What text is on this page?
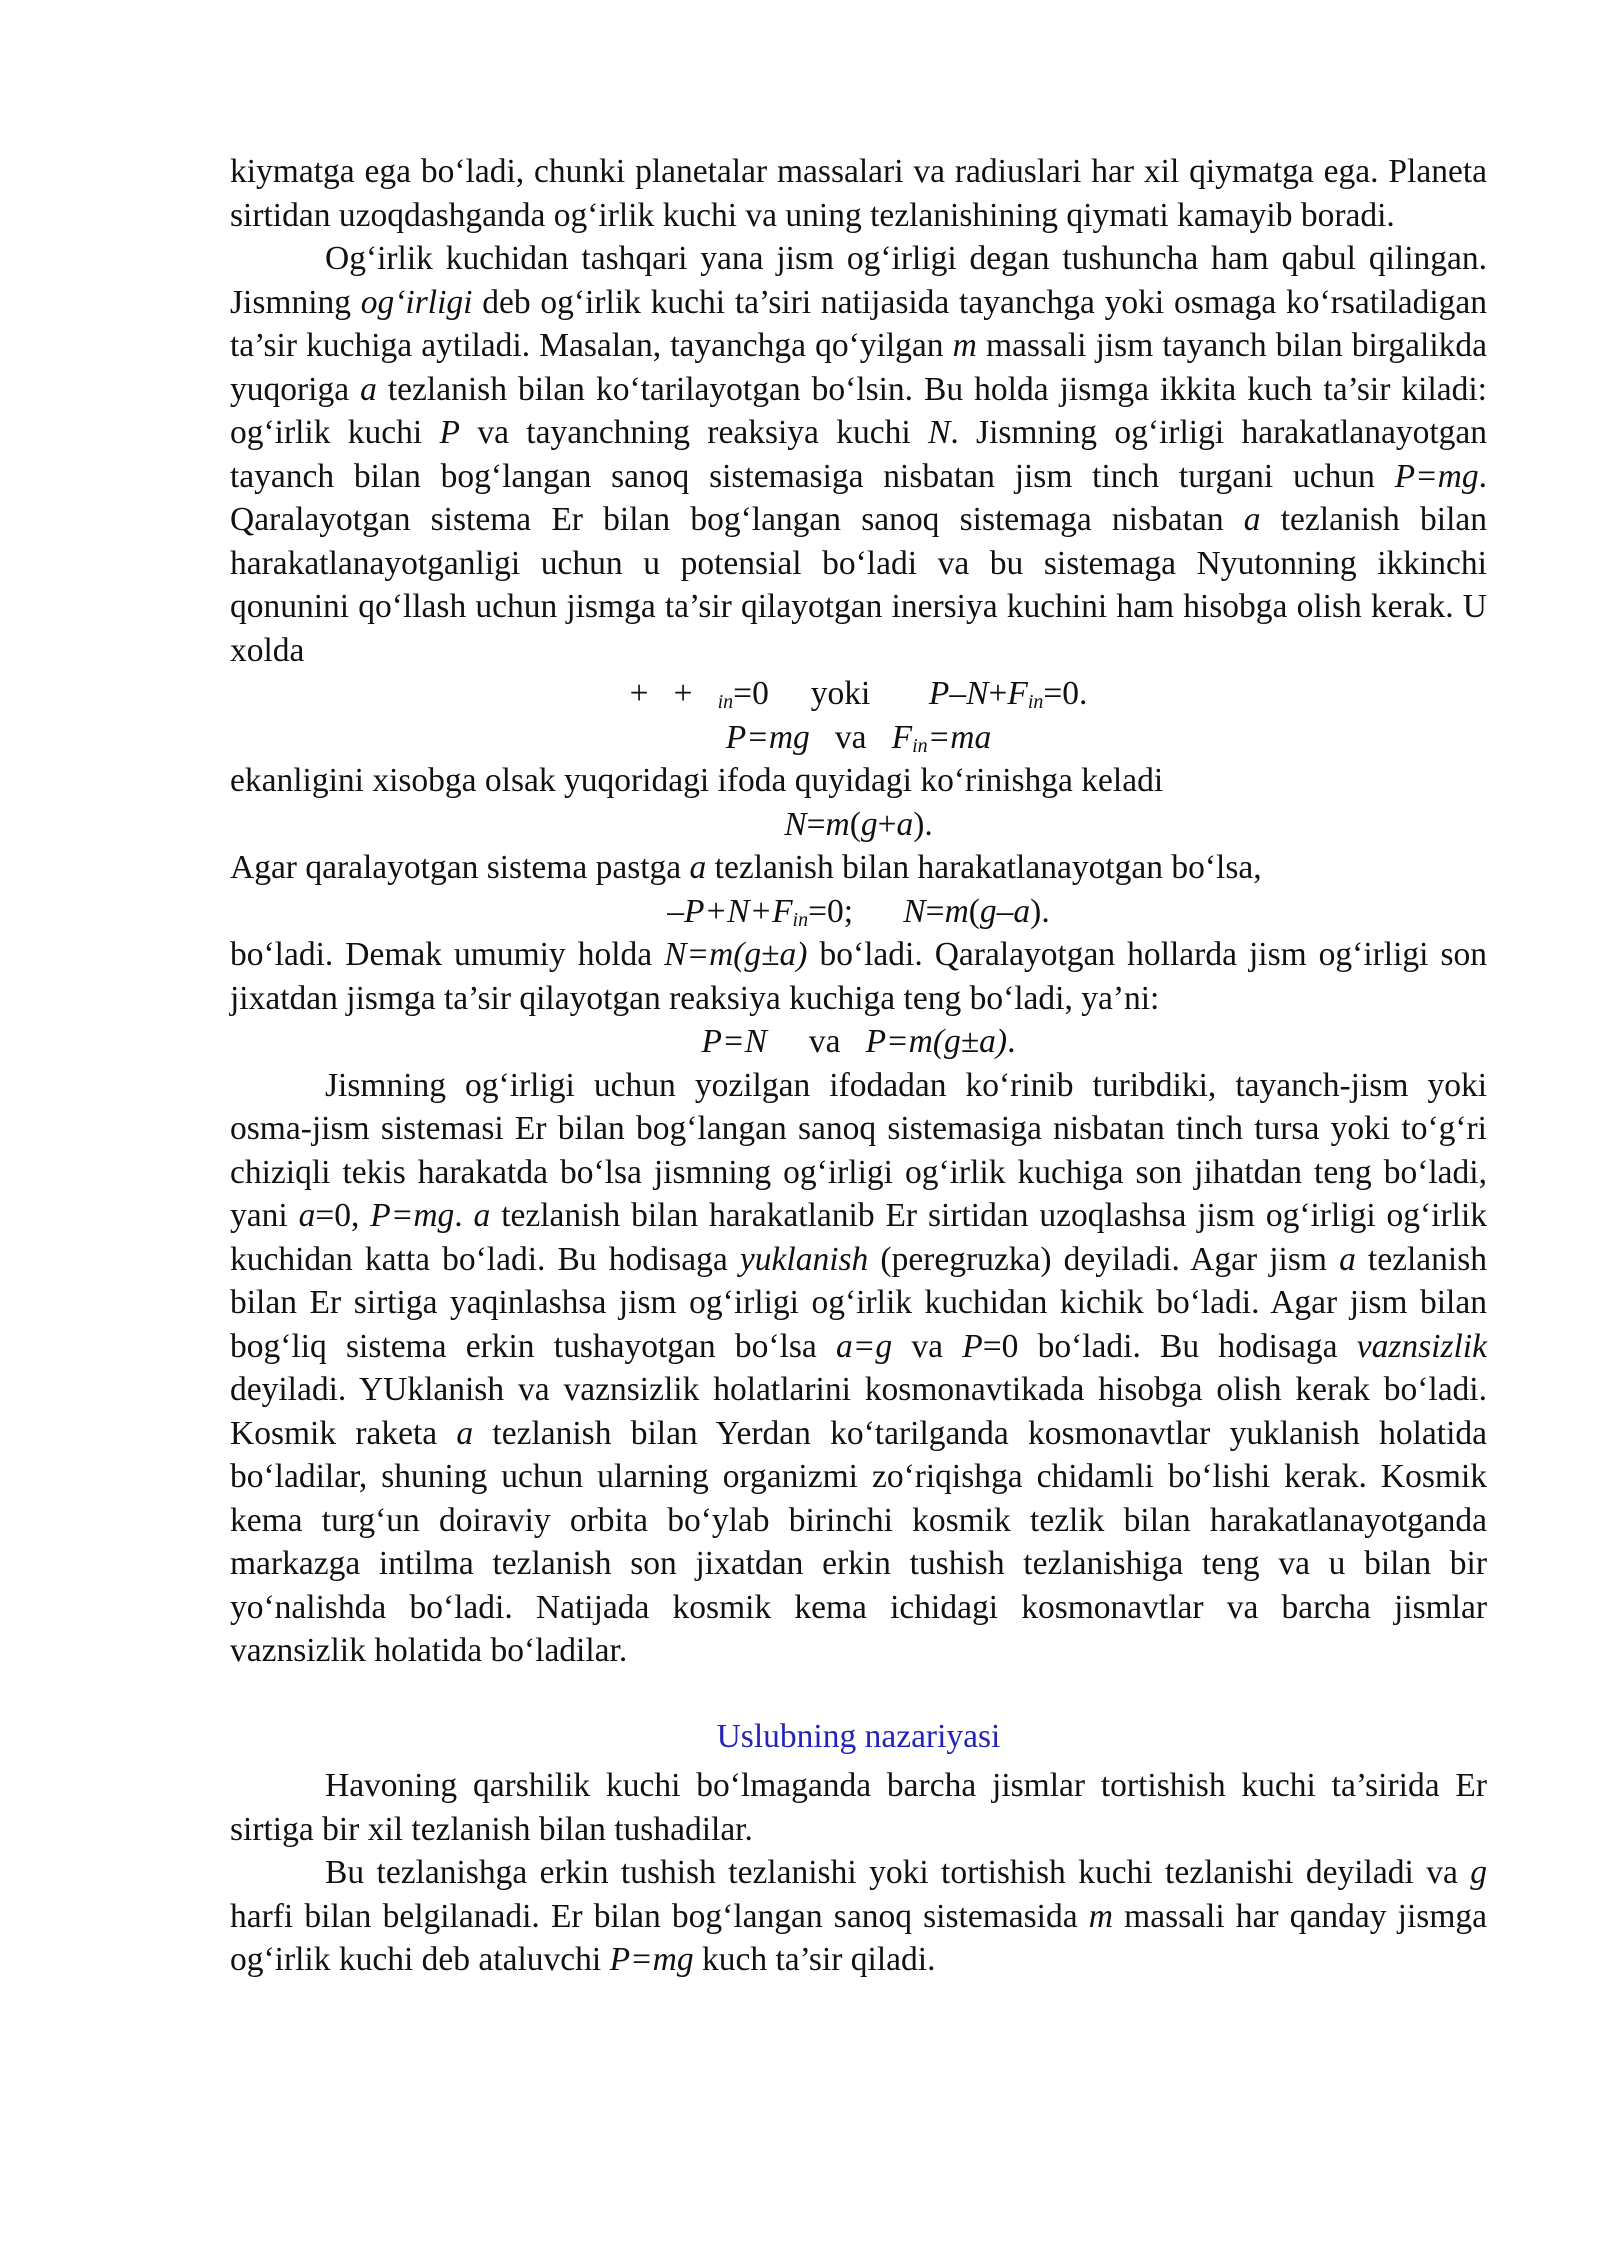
kiymatga ega bo‘ladi, chunki planetalar massalari va radiuslari har xil qiymatga ega. Planeta sirtidan uzoqdashganda og‘irlik kuchi va uning tezlanishining qiymati kamayib boradi.

Og‘irlik kuchidan tashqari yana jism og‘irligi degan tushuncha ham qabul qilingan. Jismning og‘irligi deb og‘irlik kuchi ta’siri natijasida tayanchga yoki osmaga ko‘rsatiladigan ta’sir kuchiga aytiladi. Masalan, tayanchga qo‘yilgan m massali jism tayanch bilan birgalikda yuqoriga a tezlanish bilan ko‘tarilayotgan bo‘lsin. Bu holda jismga ikkita kuch ta’sir kiladi: og‘irlik kuchi P va tayanchning reaksiya kuchi N. Jismning og‘irligi harakatlanayotgan tayanch bilan bog‘langan sanoq sistemasiga nisbatan jism tinch turgani uchun P=mg. Qaralayotgan sistema Er bilan bog‘langan sanoq sistemaga nisbatan a tezlanish bilan harakatlanayotganligi uchun u potensial bo‘ladi va bu sistemaga Nyutonning ikkinchi qonunini qo‘llash uchun jismga ta’sir qilayotgan inersiya kuchini ham hisobga olish kerak. U xolda

+   +   $_{in}$=0     yoki       $P-N+F_{in}=0$.
P=mg   va   $F_{in}=ma$

ekanligini xisobga olsak yuqoridagi ifoda quyidagi ko‘rinishga keladi

N=m(g+a).

Agar qaralayotgan sistema pastga a tezlanish bilan harakatlanayotgan bo‘lsa,

$-P+N+F_{in}=0$;      N=m(g–a).

bo‘ladi. Demak umumiy holda N=m(g±a) bo‘ladi. Qaralayotgan hollarda jism og‘irligi son jixatdan jismga ta’sir qilayotgan reaksiya kuchiga teng bo‘ladi, ya’ni:

P=N     va   P=m(g±a).

Jismning og‘irligi uchun yozilgan ifodadan ko‘rinib turibdiki, tayanch-jism yoki osma-jism sistemasi Er bilan bog‘langan sanoq sistemasiga nisbatan tinch tursa yoki to‘g‘ri chiziqli tekis harakatda bo‘lsa jismning og‘irligi og‘irlik kuchiga son jihatdan teng bo‘ladi, yani a=0, P=mg. a tezlanish bilan harakatlanib Er sirtidan uzoqlashsa jism og‘irligi og‘irlik kuchidan katta bo‘ladi. Bu hodisaga yuklanish (peregruzka) deyiladi. Agar jism a tezlanish bilan Er sirtiga yaqinlashsa jism og‘irligi og‘irlik kuchidan kichik bo‘ladi. Agar jism bilan bog‘liq sistema erkin tushayotgan bo‘lsa a=g va P=0 bo‘ladi. Bu hodisaga vaznsizlik deyiladi. YUklanish va vaznsizlik holatlarini kosmonavtikada hisobga olish kerak bo‘ladi. Kosmik raketa a tezlanish bilan Yerdan ko‘tarilganda kosmonavtlar yuklanish holatida bo‘ladilar, shuning uchun ularning organizmi zo‘riqishga chidamli bo‘lishi kerak. Kosmik kema turg‘un doiraviy orbita bo‘ylab birinchi kosmik tezlik bilan harakatlanayotganda markazga intilma tezlanish son jixatdan erkin tushish tezlanishiga teng va u bilan bir yo‘nalishda bo‘ladi. Natijada kosmik kema ichidagi kosmonavtlar va barcha jismlar vaznsizlik holatida bo‘ladilar.

Uslubning nazariyasi

Havoning qarshilik kuchi bo‘lmaganda barcha jismlar tortishish kuchi ta’sirida Er sirtiga bir xil tezlanish bilan tushadilar.

Bu tezlanishga erkin tushish tezlanishi yoki tortishish kuchi tezlanishi deyiladi va g harfi bilan belgilanadi. Er bilan bog‘langan sanoq sistemasida m massali har qanday jismga og‘irlik kuchi deb ataluvchi P=mg kuch ta’sir qiladi.
